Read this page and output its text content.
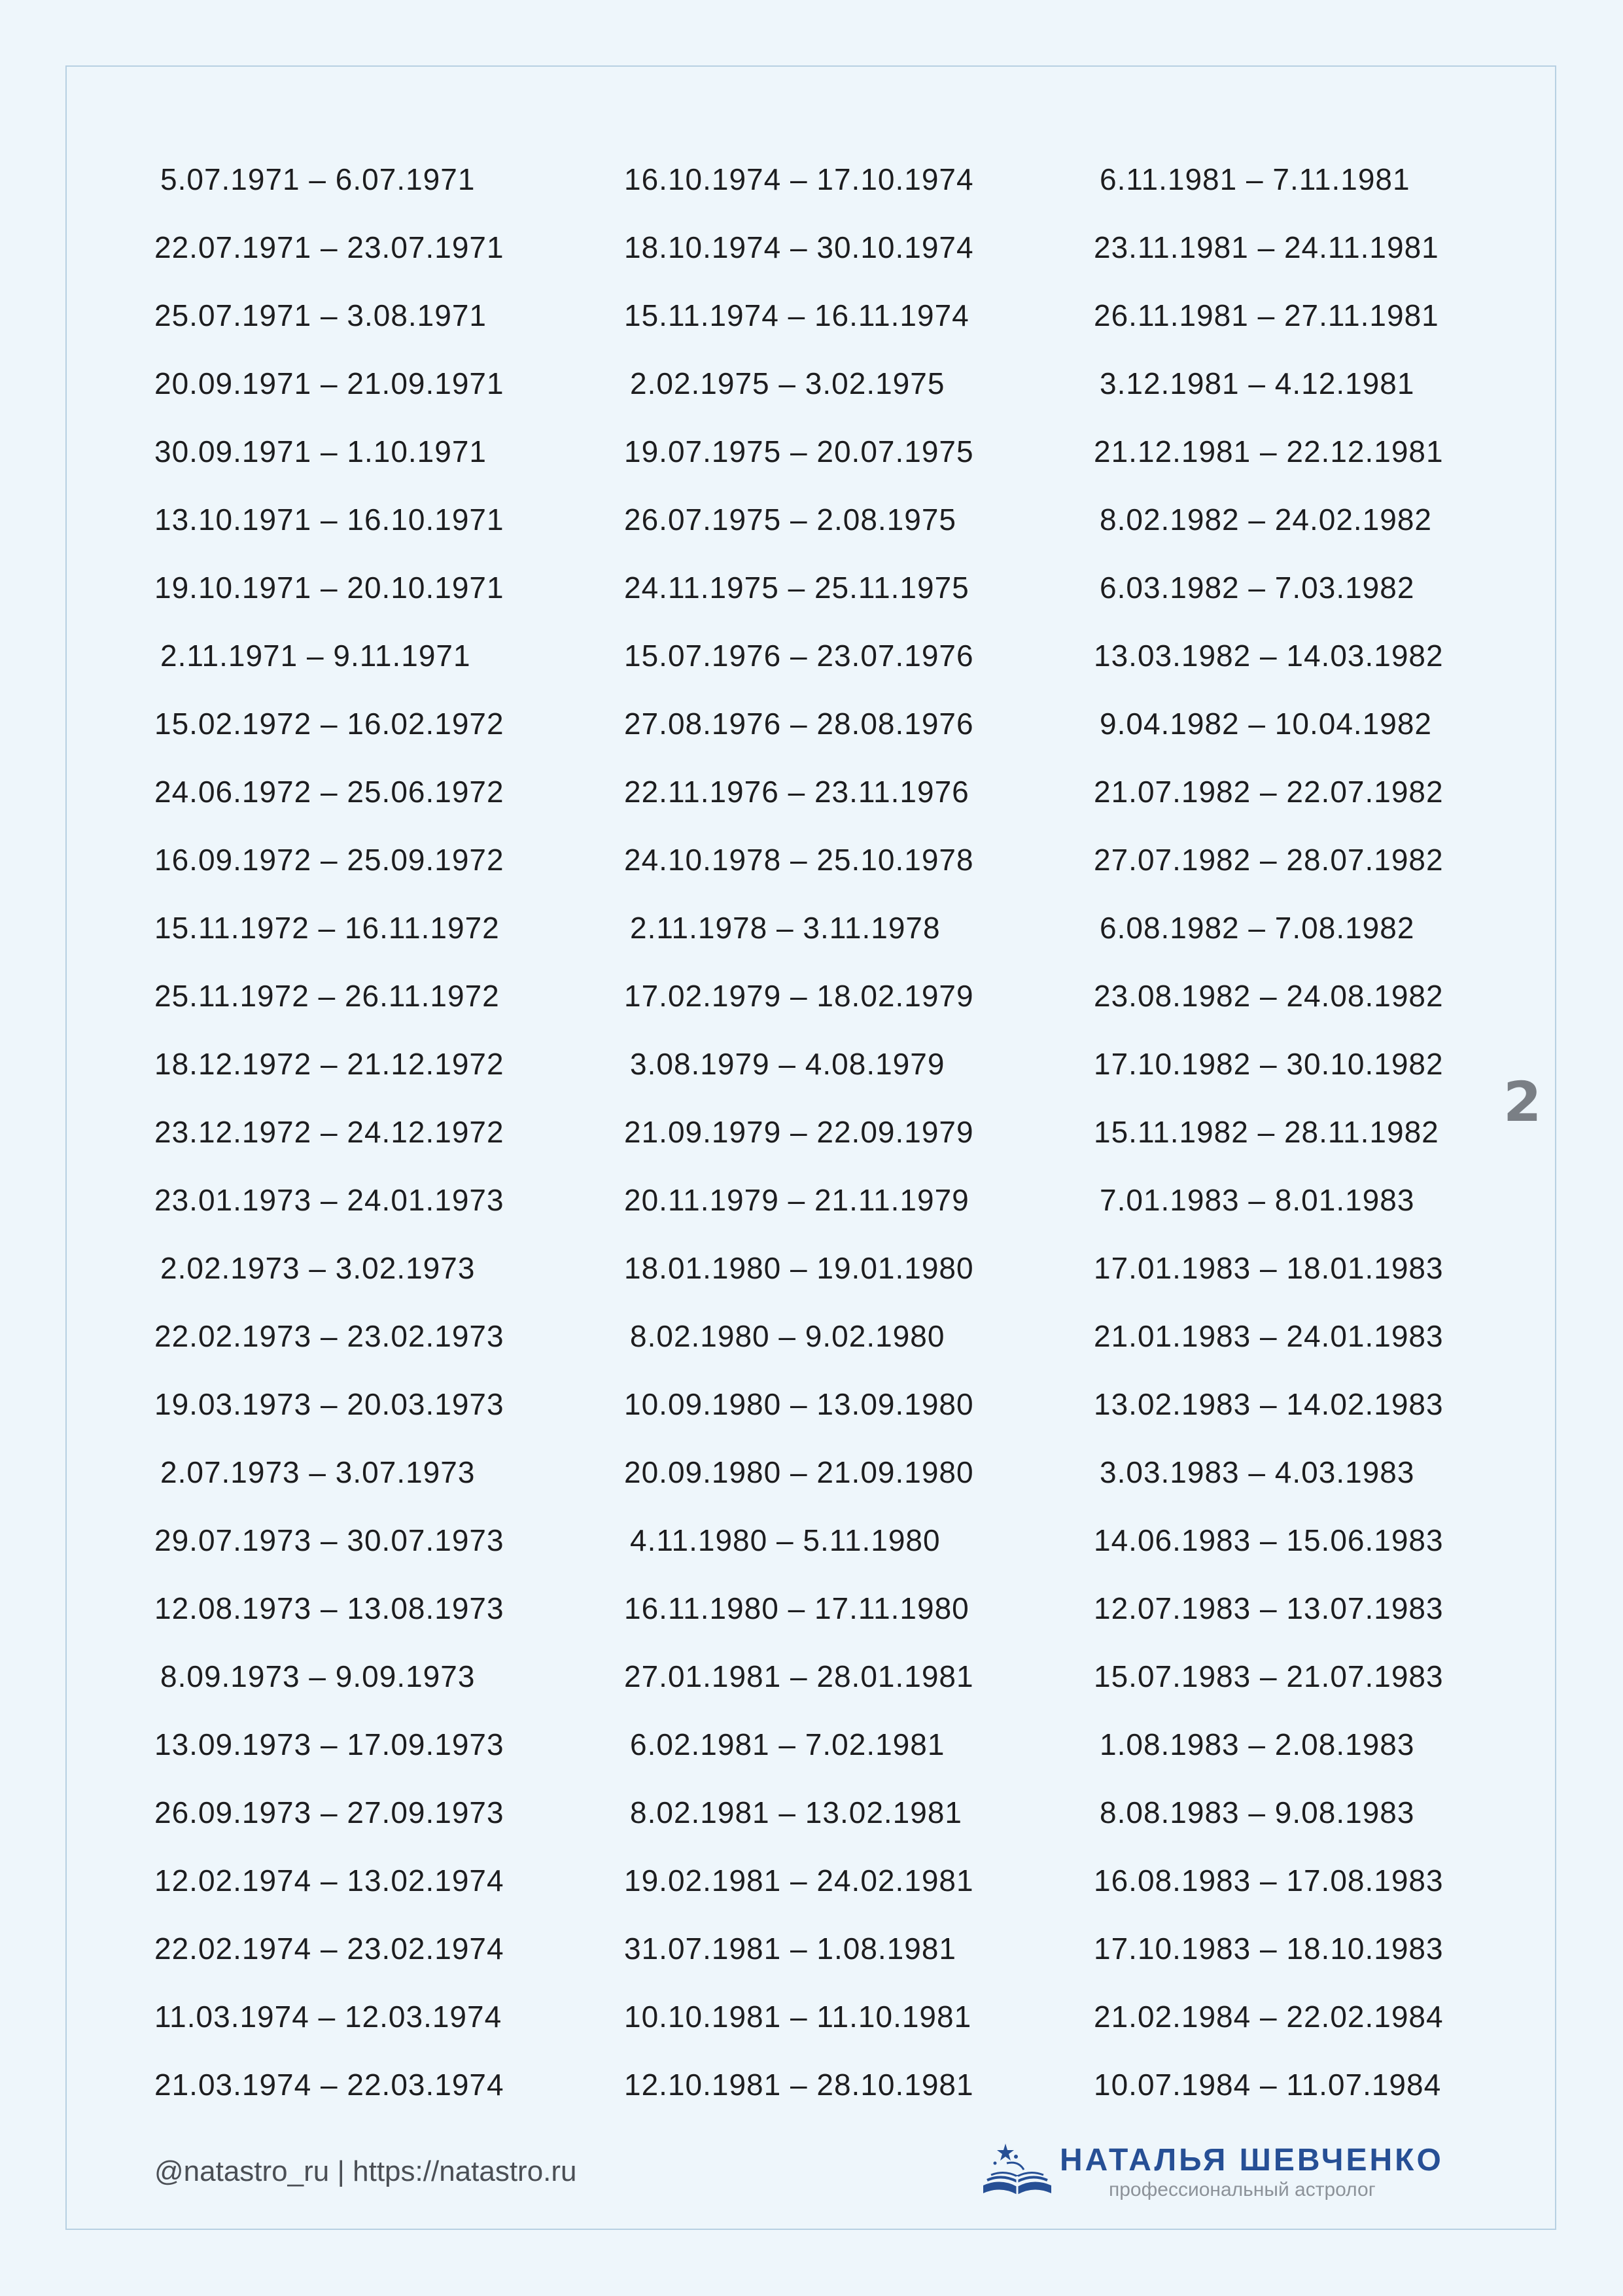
5.07.1971 – 6.07.1971
22.07.1971 – 23.07.1971
25.07.1971 – 3.08.1971
20.09.1971 – 21.09.1971
30.09.1971 – 1.10.1971
13.10.1971 – 16.10.1971
19.10.1971 – 20.10.1971
2.11.1971 – 9.11.1971
15.02.1972 – 16.02.1972
24.06.1972 – 25.06.1972
16.09.1972 – 25.09.1972
15.11.1972 – 16.11.1972
25.11.1972 – 26.11.1972
18.12.1972 – 21.12.1972
23.12.1972 – 24.12.1972
23.01.1973 – 24.01.1973
2.02.1973 – 3.02.1973
22.02.1973 – 23.02.1973
19.03.1973 – 20.03.1973
2.07.1973 – 3.07.1973
29.07.1973 – 30.07.1973
12.08.1973 – 13.08.1973
8.09.1973 – 9.09.1973
13.09.1973 – 17.09.1973
26.09.1973 – 27.09.1973
12.02.1974 – 13.02.1974
22.02.1974 – 23.02.1974
11.03.1974 – 12.03.1974
21.03.1974 – 22.03.1974
16.10.1974 – 17.10.1974
18.10.1974 – 30.10.1974
15.11.1974 – 16.11.1974
2.02.1975 – 3.02.1975
19.07.1975 – 20.07.1975
26.07.1975 – 2.08.1975
24.11.1975 – 25.11.1975
15.07.1976 – 23.07.1976
27.08.1976 – 28.08.1976
22.11.1976 – 23.11.1976
24.10.1978 – 25.10.1978
2.11.1978 – 3.11.1978
17.02.1979 – 18.02.1979
3.08.1979 – 4.08.1979
21.09.1979 – 22.09.1979
20.11.1979 – 21.11.1979
18.01.1980 – 19.01.1980
8.02.1980 – 9.02.1980
10.09.1980 – 13.09.1980
20.09.1980 – 21.09.1980
4.11.1980 – 5.11.1980
16.11.1980 – 17.11.1980
27.01.1981 – 28.01.1981
6.02.1981 – 7.02.1981
8.02.1981 – 13.02.1981
19.02.1981 – 24.02.1981
31.07.1981 – 1.08.1981
10.10.1981 – 11.10.1981
12.10.1981 – 28.10.1981
6.11.1981 – 7.11.1981
23.11.1981 – 24.11.1981
26.11.1981 – 27.11.1981
3.12.1981 – 4.12.1981
21.12.1981 – 22.12.1981
8.02.1982 – 24.02.1982
6.03.1982 – 7.03.1982
13.03.1982 – 14.03.1982
9.04.1982 – 10.04.1982
21.07.1982 – 22.07.1982
27.07.1982 – 28.07.1982
6.08.1982 – 7.08.1982
23.08.1982 – 24.08.1982
17.10.1982 – 30.10.1982
15.11.1982 – 28.11.1982
7.01.1983 – 8.01.1983
17.01.1983 – 18.01.1983
21.01.1983 – 24.01.1983
13.02.1983 – 14.02.1983
3.03.1983 – 4.03.1983
14.06.1983 – 15.06.1983
12.07.1983 – 13.07.1983
15.07.1983 – 21.07.1983
1.08.1983 – 2.08.1983
8.08.1983 – 9.08.1983
16.08.1983 – 17.08.1983
17.10.1983 – 18.10.1983
21.02.1984 – 22.02.1984
10.07.1984 – 11.07.1984
2
@natastro_ru | https://natastro.ru	НАТАЛЬЯ ШЕВЧЕНКО
профессиональный астролог
